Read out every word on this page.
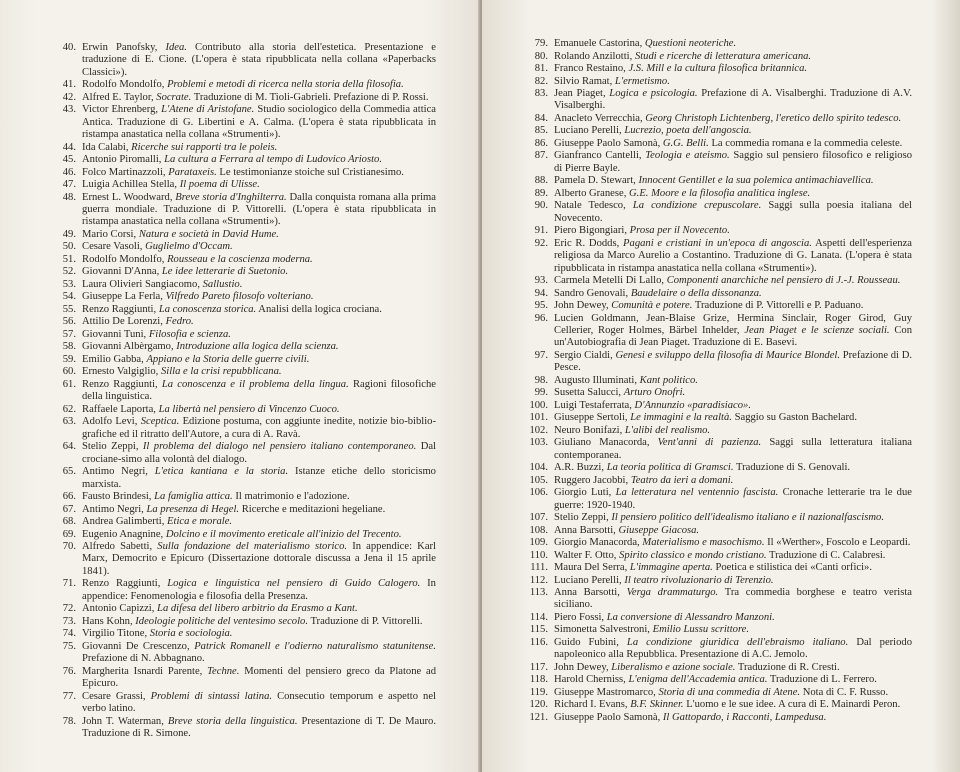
40. Erwin Panofsky, Idea. Contributo alla storia dell'estetica. Presentazione e traduzione di E. Cione. (L'opera è stata ripubblicata nella collana «Paperbacks Classici»).
41. Rodolfo Mondolfo, Problemi e metodi di ricerca nella storia della filosofia.
42. Alfred E. Taylor, Socrate. Traduzione di M. Tioli-Gabrieli. Prefazione di P. Rossi.
43. Victor Ehrenberg, L'Atene di Aristofane. Studio sociologico della Commedia attica Antica. Traduzione di G. Libertini e A. Calma. (L'opera è stata ripubblicata in ristampa anastatica nella collana «Strumenti»).
44. Ida Calabi, Ricerche sui rapporti tra le poleis.
45. Antonio Piromalli, La cultura a Ferrara al tempo di Ludovico Ariosto.
46. Folco Martinazzoli, Parataxeis. Le testimonianze stoiche sul Cristianesimo.
47. Luigia Achillea Stella, Il poema di Ulisse.
48. Ernest L. Woodward, Breve storia d'Inghilterra. Dalla conquista romana alla prima guerra mondiale. Traduzione di P. Vittorelli. (L'opera è stata ripubblicata in ristampa anastatica nella collana «Strumenti»).
49. Mario Corsi, Natura e società in David Hume.
50. Cesare Vasoli, Guglielmo d'Occam.
51. Rodolfo Mondolfo, Rousseau e la coscienza moderna.
52. Giovanni D'Anna, Le idee letterarie di Suetonio.
53. Laura Olivieri Sangiacomo, Sallustio.
54. Giuseppe La Ferla, Vilfredo Pareto filosofo volteriano.
55. Renzo Raggiunti, La conoscenza storica. Analisi della logica crociana.
56. Attilio De Lorenzi, Fedro.
57. Giovanni Tuni, Filosofia e scienza.
58. Giovanni Albèrgamo, Introduzione alla logica della scienza.
59. Emilio Gabba, Appiano e la Storia delle guerre civili.
60. Ernesto Valgiglio, Silla e la crisi repubblicana.
61. Renzo Raggiunti, La conoscenza e il problema della lingua. Ragioni filosofiche della linguistica.
62. Raffaele Laporta, La libertà nel pensiero di Vincenzo Cuoco.
63. Adolfo Levi, Sceptica. Edizione postuma, con aggiunte inedite, notizie bio-biblio- grafiche ed il ritratto dell'Autore, a cura di A. Ravà.
64. Stelio Zeppi, Il problema del dialogo nel pensiero italiano contemporaneo. Dal crociane-simo alla volontà del dialogo.
65. Antimo Negri, L'etica kantiana e la storia. Istanze etiche dello storicismo marxista.
66. Fausto Brindesi, La famiglia attica. Il matrimonio e l'adozione.
67. Antimo Negri, La presenza di Hegel. Ricerche e meditazioni hegeliane.
68. Andrea Galimberti, Etica e morale.
69. Eugenio Anagnine, Dolcino e il movimento ereticale all'inizio del Trecento.
70. Alfredo Sabetti, Sulla fondazione del materialismo storico. In appendice: Karl Marx, Democrito e Epicuro (Dissertazione dottorale discussa a Jena il 15 aprile 1841).
71. Renzo Raggiunti, Logica e linguistica nel pensiero di Guido Calogero. In appendice: Fenomenologia e filosofia della Presenza.
72. Antonio Capizzi, La difesa del libero arbitrio da Erasmo a Kant.
73. Hans Kohn, Ideologie politiche del ventesimo secolo. Traduzione di P. Vittorelli.
74. Virgilio Titone, Storia e sociologia.
75. Giovanni De Crescenzo, Patrick Romanell e l'odierno naturalismo statunitense. Prefazione di N. Abbagnano.
76. Margherita Isnardi Parente, Techne. Momenti del pensiero greco da Platone ad Epicuro.
77. Cesare Grassi, Problemi di sintassi latina. Consecutio temporum e aspetto nel verbo latino.
78. John T. Waterman, Breve storia della linguistica. Presentazione di T. De Mauro. Traduzione di R. Simone.
79. Emanuele Castorina, Questioni neoteriche.
80. Rolando Anzilotti, Studi e ricerche di letteratura americana.
81. Franco Restaino, J.S. Mill e la cultura filosofica britannica.
82. Silvio Ramat, L'ermetismo.
83. Jean Piaget, Logica e psicologia. Prefazione di A. Visalberghi. Traduzione di A.V. Visalberghi.
84. Anacleto Verrecchia, Georg Christoph Lichtenberg, l'eretico dello spirito tedesco.
85. Luciano Perelli, Lucrezio, poeta dell'angoscia.
86. Giuseppe Paolo Samonà, G.G. Belli. La commedia romana e la commedia celeste.
87. Gianfranco Cantelli, Teologia e ateismo. Saggio sul pensiero filosofico e religioso di Pierre Bayle.
88. Pamela D. Stewart, Innocent Gentillet e la sua polemica antimachiavellica.
89. Alberto Granese, G.E. Moore e la filosofia analitica inglese.
90. Natale Tedesco, La condizione crepuscolare. Saggi sulla poesia italiana del Novecento.
91. Piero Bigongiari, Prosa per il Novecento.
92. Eric R. Dodds, Pagani e cristiani in un'epoca di angoscia. Aspetti dell'esperienza religiosa da Marco Aurelio a Costantino. Traduzione di G. Lanata. (L'opera è stata ripubblicata in ristampa anastatica nella collana «Strumenti»).
93. Carmela Metelli Di Lallo, Componenti anarchiche nel pensiero di J.-J. Rousseau.
94. Sandro Genovali, Baudelaire o della dissonanza.
95. John Dewey, Comunità e potere. Traduzione di P. Vittorelli e P. Paduano.
96. Lucien Goldmann, Jean-Blaise Grize, Hermina Sinclair, Roger Girod, Guy Cellerier, Roger Holmes, Bärbel Inhelder, Jean Piaget e le scienze sociali. Con un'Autobiografia di Jean Piaget. Traduzione di E. Basevi.
97. Sergio Cialdi, Genesi e sviluppo della filosofia di Maurice Blondel. Prefazione di D. Pesce.
98. Augusto Illuminati, Kant politico.
99. Susetta Salucci, Arturo Onofri.
100. Luigi Testaferrata, D'Annunzio «paradisiaco».
101. Giuseppe Sertoli, Le immagini e la realtà. Saggio su Gaston Bachelard.
102. Neuro Bonifazi, L'alibi del realismo.
103. Giuliano Manacorda, Vent'anni di pazienza. Saggi sulla letteratura italiana contemporanea.
104. A.R. Buzzi, La teoria politica di Gramsci. Traduzione di S. Genovali.
105. Ruggero Jacobbi, Teatro da ieri a domani.
106. Giorgio Luti, La letteratura nel ventennio fascista. Cronache letterarie tra le due guerre: 1920-1940.
107. Stelio Zeppi, Il pensiero politico dell'idealismo italiano e il nazionalfascismo.
108. Anna Barsotti, Giuseppe Giacosa.
109. Giorgio Manacorda, Materialismo e masochismo. Il «Werther», Foscolo e Leopardi.
110. Walter F. Otto, Spirito classico e mondo cristiano. Traduzione di C. Calabresi.
111. Maura Del Serra, L'immagine aperta. Poetica e stilistica dei «Canti orfici».
112. Luciano Perelli, Il teatro rivoluzionario di Terenzio.
113. Anna Barsotti, Verga drammaturgo. Tra commedia borghese e teatro verista siciliano.
114. Piero Fossi, La conversione di Alessandro Manzoni.
115. Simonetta Salvestroni, Emilio Lussu scrittore.
116. Guido Fubini, La condizione giuridica dell'ebraismo italiano. Dal periodo napoleonico alla Repubblica. Presentazione di A.C. Jemolo.
117. John Dewey, Liberalismo e azione sociale. Traduzione di R. Cresti.
118. Harold Cherniss, L'enigma dell'Accademia antica. Traduzione di L. Ferrero.
119. Giuseppe Mastromarco, Storia di una commedia di Atene. Nota di C. F. Russo.
120. Richard I. Evans, B.F. Skinner. L'uomo e le sue idee. A cura di E. Mainardi Peron.
121. Giuseppe Paolo Samonà, Il Gattopardo, i Racconti, Lampedusa.
